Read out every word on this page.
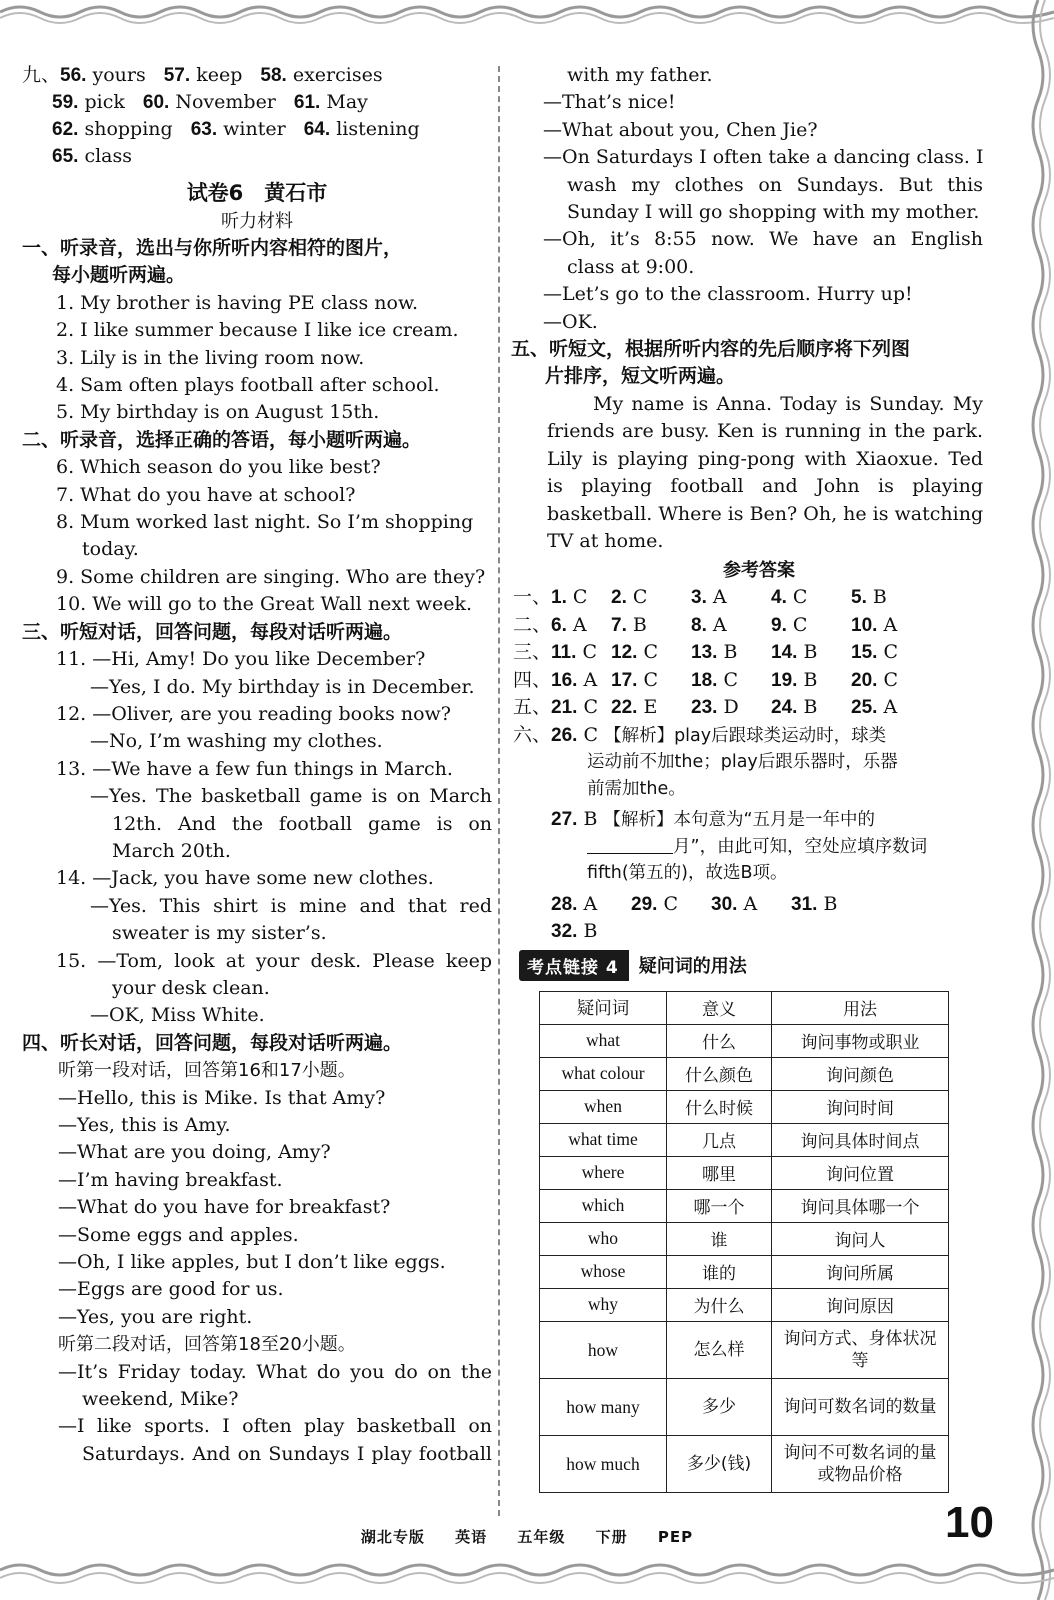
九、56. yours 57. keep 58. exercises
59. pick 60. November 61. May
62. shopping 63. winter 64. listening
65. class
试卷6　黄石市
听力材料
一、听录音，选出与你所听内容相符的图片，
每小题听两遍。
1. My brother is having PE class now.
2. I like summer because I like ice cream.
3. Lily is in the living room now.
4. Sam often plays football after school.
5. My birthday is on August 15th.
二、听录音，选择正确的答语，每小题听两遍。
6. Which season do you like best?
7. What do you have at school?
8. Mum worked last night. So I’m shopping
today.
9. Some children are singing. Who are they?
10. We will go to the Great Wall next week.
三、听短对话，回答问题，每段对话听两遍。
11. —Hi, Amy! Do you like December?
—Yes, I do. My birthday is in December.
12. —Oliver, are you reading books now?
—No, I’m washing my clothes.
13. —We have a few fun things in March.
—Yes. The basketball game is on March
12th. And the football game is on
March 20th.
14. —Jack, you have some new clothes.
—Yes. This shirt is mine and that red
sweater is my sister’s.
15. —Tom, look at your desk. Please keep
your desk clean.
—OK, Miss White.
四、听长对话，回答问题，每段对话听两遍。
听第一段对话，回答第16和17小题。
—Hello, this is Mike. Is that Amy?
—Yes, this is Amy.
—What are you doing, Amy?
—I’m having breakfast.
—What do you have for breakfast?
—Some eggs and apples.
—Oh, I like apples, but I don’t like eggs.
—Eggs are good for us.
—Yes, you are right.
听第二段对话，回答第18至20小题。
—It’s Friday today. What do you do on the
weekend, Mike?
—I like sports. I often play basketball on
Saturdays. And on Sundays I play football
with my father.
—That’s nice!
—What about you, Chen Jie?
—On Saturdays I often take a dancing class. I
wash my clothes on Sundays. But this
Sunday I will go shopping with my mother.
—Oh, it’s 8:55 now. We have an English
class at 9:00.
—Let’s go to the classroom. Hurry up!
—OK.
五、听短文，根据所听内容的先后顺序将下列图
片排序，短文听两遍。
My name is Anna. Today is Sunday. My
friends are busy. Ken is running in the park.
Lily is playing ping-pong with Xiaoxue. Ted
is playing football and John is playing
basketball. Where is Ben? Oh, he is watching
TV at home.
参考答案
一、1. C 2. C 3. A 4. C 5. B
二、6. A 7. B 8. A 9. C 10. A
三、11. C 12. C 13. B 14. B 15. C
四、16. A 17. C 18. C 19. B 20. C
五、21. C 22. E 23. D 24. B 25. A
六、26. C 【解析】play后跟球类运动时，球类
运动前不加the；play后跟乐器时，乐器
前需加the。
27. B 【解析】本句意为“五月是一年中的
月”，由此可知，空处应填序数词
fifth(第五的)，故选B项。
28. A 29. C 30. A 31. B
32. B
考点链接 4	疑问词的用法
疑问词	意义	用法
what	什么	询问事物或职业
what colour	什么颜色	询问颜色
when	什么时候	询问时间
what time	几点	询问具体时间点
where	哪里	询问位置
which	哪一个	询问具体哪一个
who	谁	询问人
whose	谁的	询问所属
why	为什么	询问原因
how	怎么样	询问方式、身体状况等
how many	多少	询问可数名词的数量
how much	多少(钱)	询问不可数名词的量或物品价格
湖北专版 英语 五年级 下册 PEP	10
